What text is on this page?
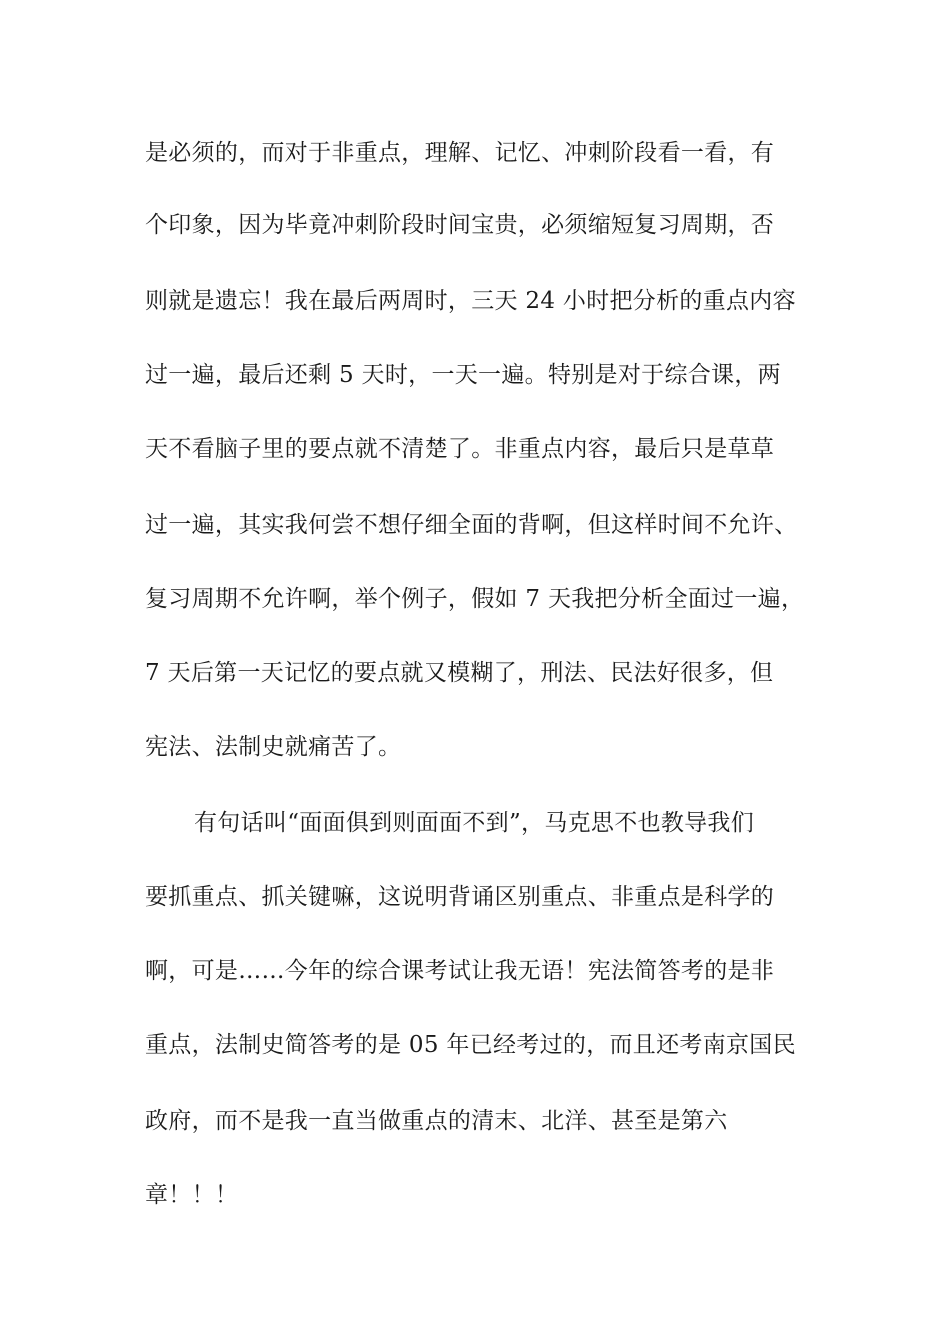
是必须的，而对于非重点，理解、记忆、冲刺阶段看一看，有
个印象，因为毕竟冲刺阶段时间宝贵，必须缩短复习周期，否
则就是遗忘！我在最后两周时，三天 24 小时把分析的重点内容
过一遍，最后还剩 5 天时，一天一遍。特别是对于综合课，两
天不看脑子里的要点就不清楚了。非重点内容，最后只是草草
过一遍，其实我何尝不想仔细全面的背啊，但这样时间不允许、
复习周期不允许啊，举个例子，假如 7 天我把分析全面过一遍，
7 天后第一天记忆的要点就又模糊了，刑法、民法好很多，但
宪法、法制史就痛苦了。
有句话叫“面面俱到则面面不到”，马克思不也教导我们
要抓重点、抓关键嘛，这说明背诵区别重点、非重点是科学的
啊，可是……今年的综合课考试让我无语！宪法简答考的是非
重点，法制史简答考的是 05 年已经考过的，而且还考南京国民
政府，而不是我一直当做重点的清末、北洋、甚至是第六
章！！！
